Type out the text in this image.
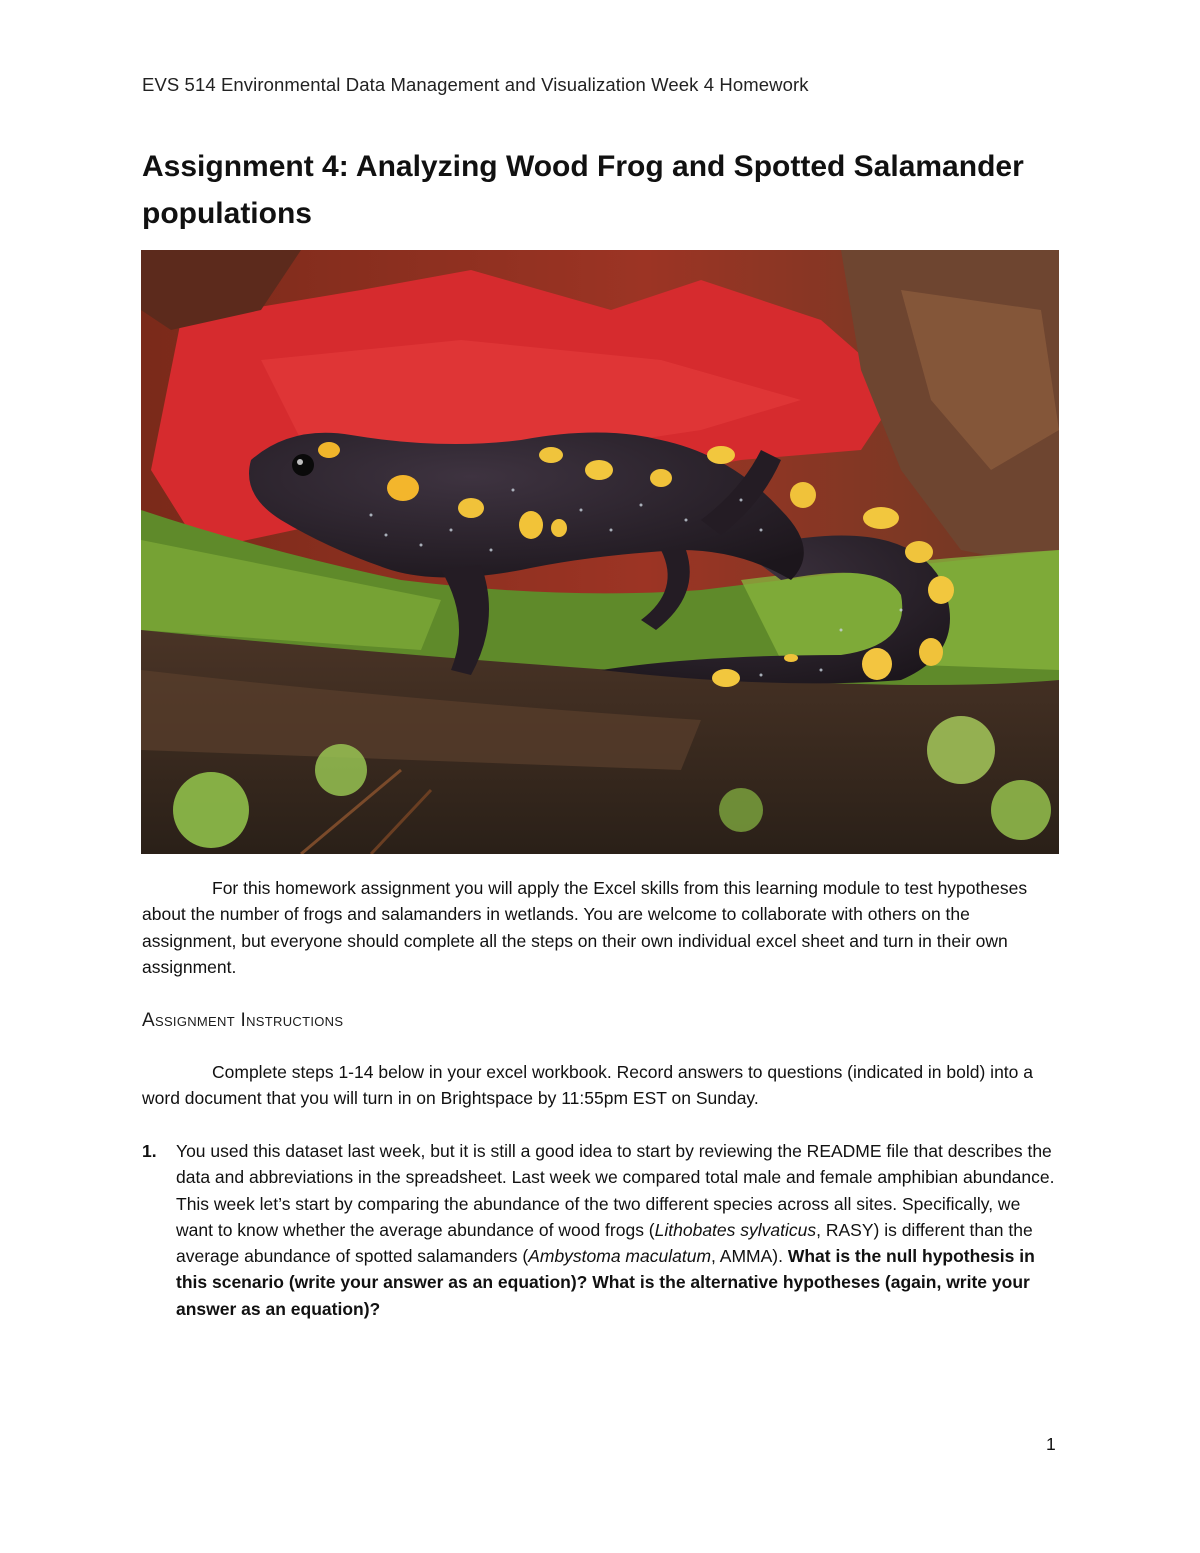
EVS 514 Environmental Data Management and Visualization Week 4 Homework
Assignment 4: Analyzing Wood Frog and Spotted Salamander populations

For this homework assignment you will apply the Excel skills from this learning module to test hypotheses about the number of frogs and salamanders in wetlands. You are welcome to collaborate with others on the assignment, but everyone should complete all the steps on their own individual excel sheet and turn in their own assignment.

Assignment Instructions

Complete steps 1-14 below in your excel workbook. Record answers to questions (indicated in bold) into a word document that you will turn in on Brightspace by 11:55pm EST on Sunday.

1. You used this dataset last week, but it is still a good idea to start by reviewing the README file that describes the data and abbreviations in the spreadsheet. Last week we compared total male and female amphibian abundance. This week let’s start by comparing the abundance of the two different species across all sites. Specifically, we want to know whether the average abundance of wood frogs (Lithobates sylvaticus, RASY) is different than the average abundance of spotted salamanders (Ambystoma maculatum, AMMA). What is the null hypothesis in this scenario (write your answer as an equation)? What is the alternative hypotheses (again, write your answer as an equation)?
1
